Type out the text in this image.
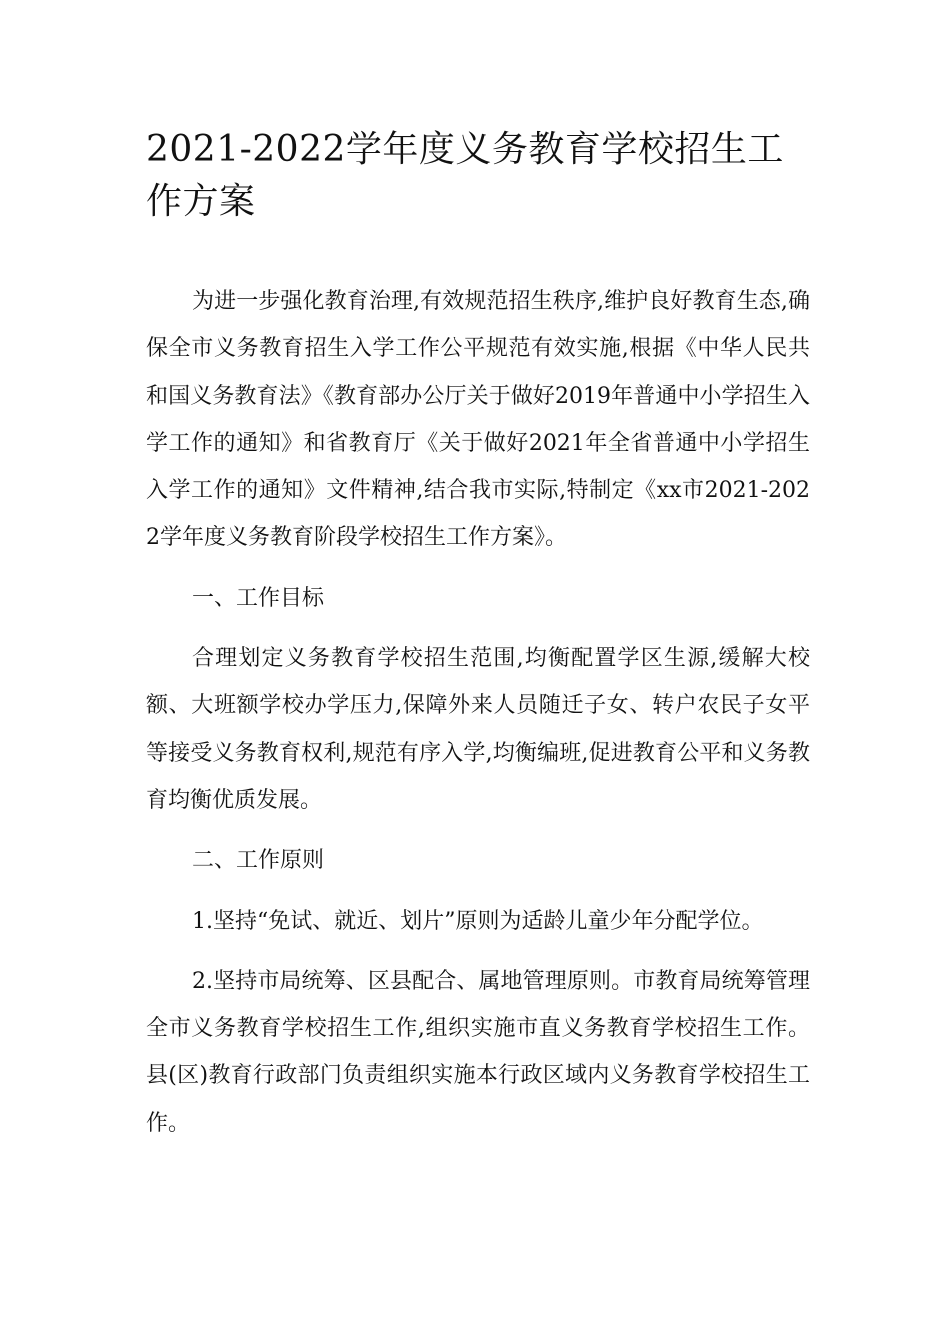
2021-2022学年度义务教育学校招生工作方案

为进一步强化教育治理,有效规范招生秩序,维护良好教育生态,确保全市义务教育招生入学工作公平规范有效实施,根据《中华人民共和国义务教育法》《教育部办公厅关于做好2019年普通中小学招生入学工作的通知》和省教育厅《关于做好2021年全省普通中小学招生入学工作的通知》文件精神,结合我市实际,特制定《xx市2021-2022学年度义务教育阶段学校招生工作方案》。

一、工作目标

合理划定义务教育学校招生范围,均衡配置学区生源,缓解大校额、大班额学校办学压力,保障外来人员随迁子女、转户农民子女平等接受义务教育权利,规范有序入学,均衡编班,促进教育公平和义务教育均衡优质发展。

二、工作原则

1.坚持“免试、就近、划片”原则为适龄儿童少年分配学位。

2.坚持市局统筹、区县配合、属地管理原则。市教育局统筹管理全市义务教育学校招生工作,组织实施市直义务教育学校招生工作。县(区)教育行政部门负责组织实施本行政区域内义务教育学校招生工作。
